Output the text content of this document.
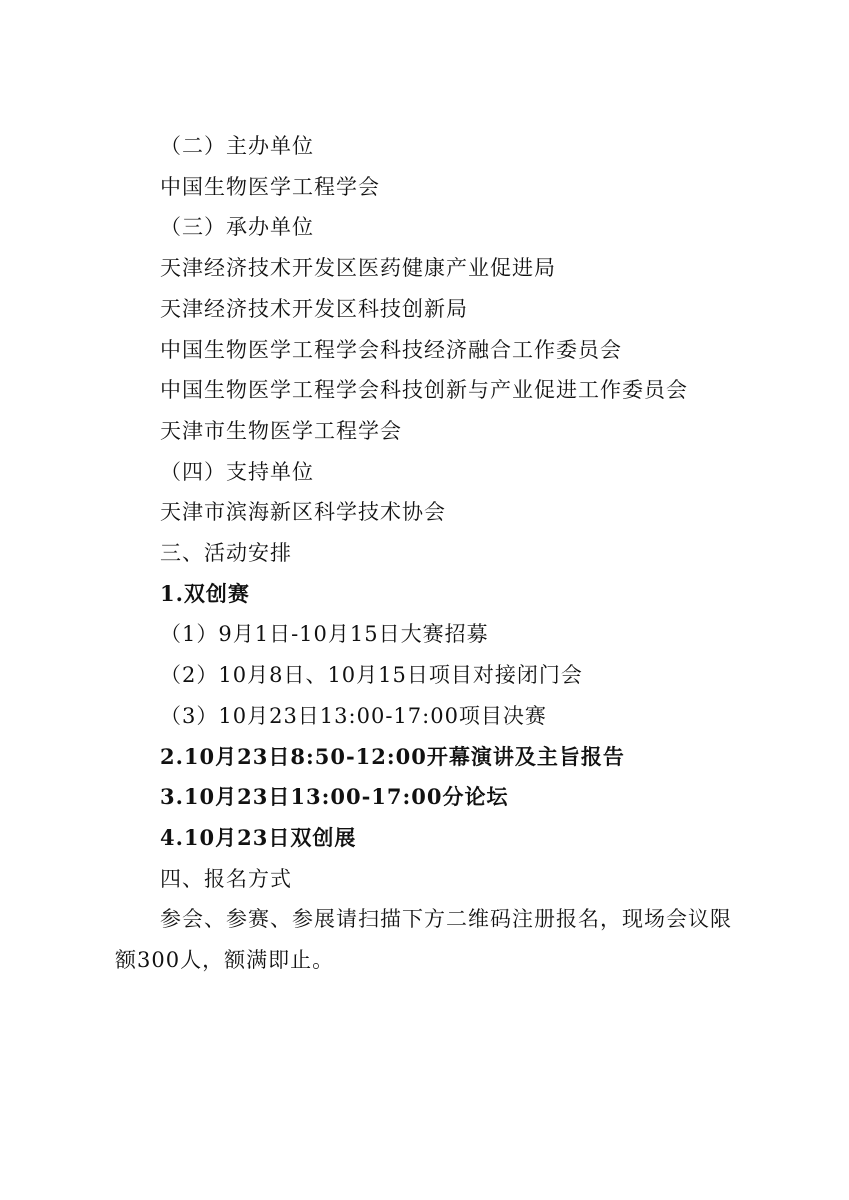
（二）主办单位
中国生物医学工程学会
（三）承办单位
天津经济技术开发区医药健康产业促进局
天津经济技术开发区科技创新局
中国生物医学工程学会科技经济融合工作委员会
中国生物医学工程学会科技创新与产业促进工作委员会
天津市生物医学工程学会
（四）支持单位
天津市滨海新区科学技术协会
三、活动安排
1.双创赛
（1）9月1日-10月15日大赛招募
（2）10月8日、10月15日项目对接闭门会
（3）10月23日13:00-17:00项目决赛
2.10月23日8:50-12:00开幕演讲及主旨报告
3.10月23日13:00-17:00分论坛
4.10月23日双创展
四、报名方式
参会、参赛、参展请扫描下方二维码注册报名，现场会议限
额300人，额满即止。
